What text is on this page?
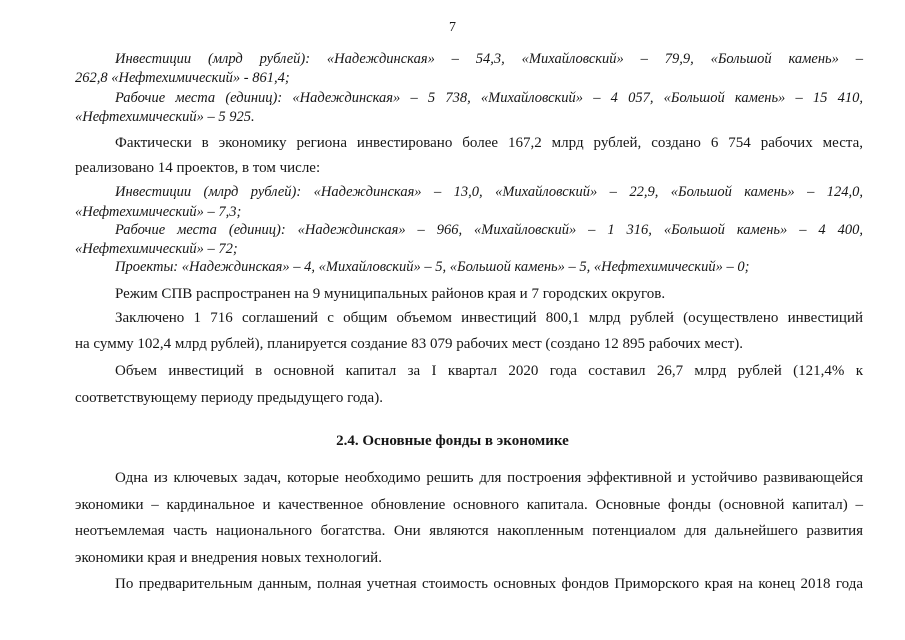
7
Инвестиции (млрд рублей): «Надеждинская» – 54,3, «Михайловский» – 79,9, «Большой камень» –
262,8 «Нефтехимический» - 861,4;
Рабочие места (единиц): «Надеждинская» – 5 738, «Михайловский» – 4 057, «Большой камень» – 15 410,
«Нефтехимический» – 5 925.
Фактически в экономику региона инвестировано более 167,2 млрд рублей, создано 6 754 рабочих места,
реализовано 14 проектов, в том числе:
Инвестиции (млрд рублей): «Надеждинская» – 13,0, «Михайловский» – 22,9, «Большой камень» – 124,0,
«Нефтехимический» – 7,3;
Рабочие места (единиц): «Надеждинская» – 966, «Михайловский» – 1 316, «Большой камень» – 4 400,
«Нефтехимический» – 72;
Проекты: «Надеждинская» – 4, «Михайловский» – 5, «Большой камень» – 5, «Нефтехимический» – 0;
Режим СПВ распространен на 9 муниципальных районов края и 7 городских округов.
Заключено 1 716 соглашений с общим объемом инвестиций 800,1 млрд рублей (осуществлено инвестиций
на сумму 102,4 млрд рублей), планируется создание 83 079 рабочих мест (создано 12 895 рабочих мест).
Объем инвестиций в основной капитал за I квартал 2020 года составил 26,7 млрд рублей (121,4% к
соответствующему периоду предыдущего года).
2.4. Основные фонды в экономике
Одна из ключевых задач, которые необходимо решить для построения эффективной и устойчиво развивающейся
экономики – кардинальное и качественное обновление основного капитала. Основные фонды (основной капитал) –
неотъемлемая часть национального богатства. Они являются накопленным потенциалом для дальнейшего развития
экономики края и внедрения новых технологий.
По предварительным данным, полная учетная стоимость основных фондов Приморского края на конец 2018 года
